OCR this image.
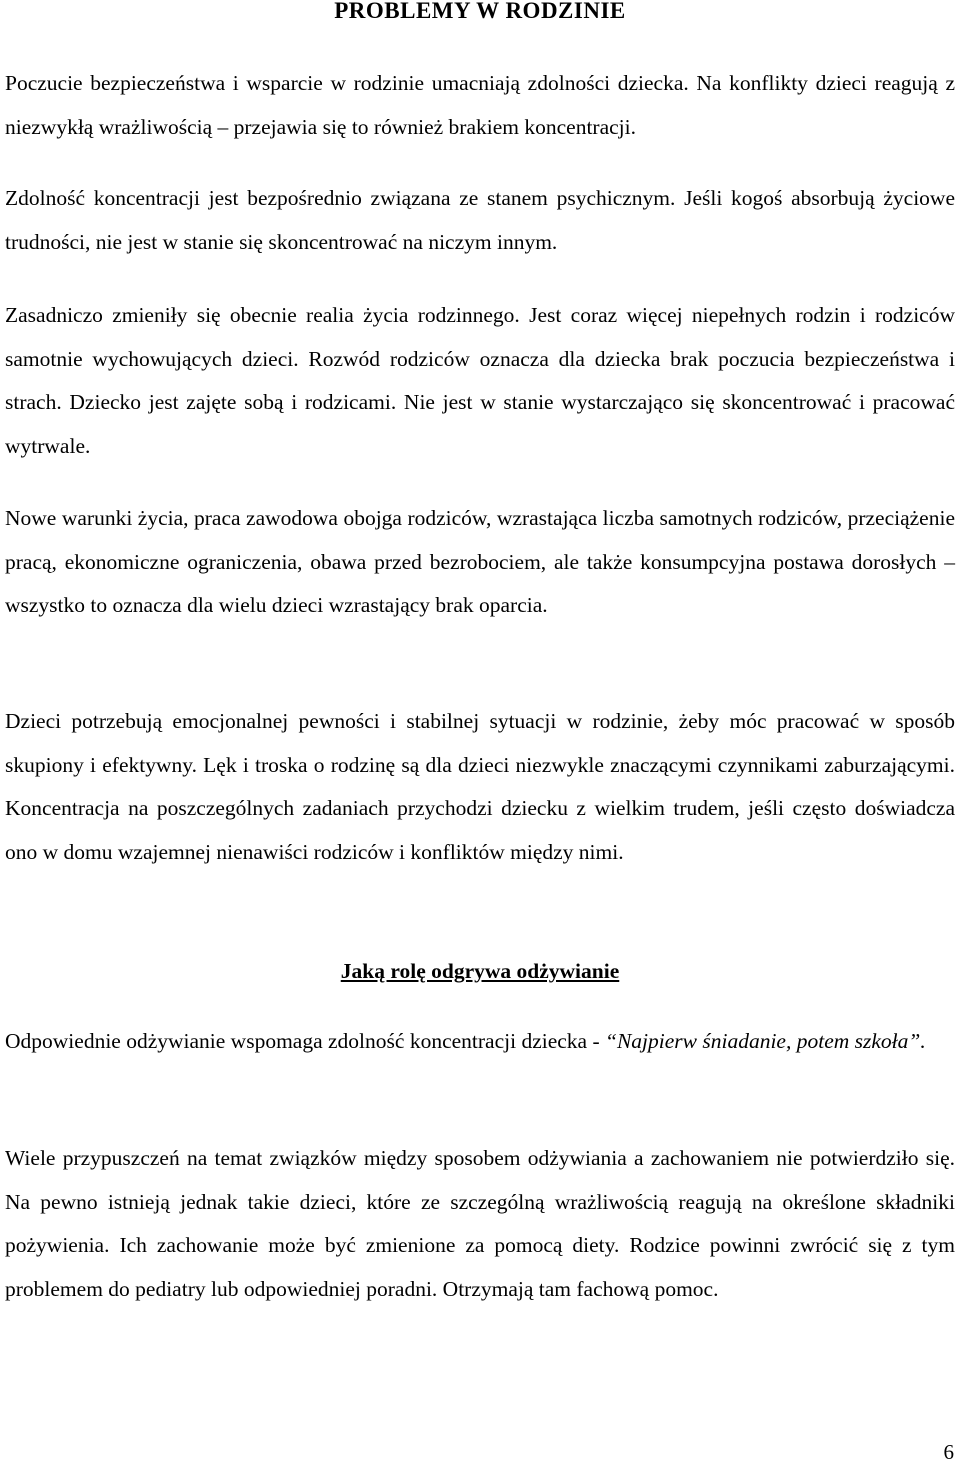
PROBLEMY W RODZINIE

Poczucie bezpieczeństwa i wsparcie w rodzinie umacniają zdolności dziecka. Na konflikty dzieci reagują z niezwykłą wrażliwością – przejawia się to również brakiem koncentracji.

Zdolność koncentracji jest bezpośrednio związana ze stanem psychicznym. Jeśli kogoś absorbują życiowe trudności, nie jest w stanie się skoncentrować na niczym innym.

Zasadniczo zmieniły się obecnie realia życia rodzinnego. Jest coraz więcej niepełnych rodzin i rodziców samotnie wychowujących dzieci. Rozwód rodziców oznacza dla dziecka brak poczucia bezpieczeństwa i strach. Dziecko jest zajęte sobą i rodzicami. Nie jest w stanie wystarczająco się skoncentrować i pracować wytrwale.

Nowe warunki życia, praca zawodowa obojga rodziców, wzrastająca liczba samotnych rodziców, przeciążenie pracą, ekonomiczne ograniczenia, obawa przed bezrobociem, ale także konsumpcyjna postawa dorosłych – wszystko to oznacza dla wielu dzieci wzrastający brak oparcia.

Dzieci potrzebują emocjonalnej pewności i stabilnej sytuacji w rodzinie, żeby móc pracować w sposób skupiony i efektywny. Lęk i troska o rodzinę są dla dzieci niezwykle znaczącymi czynnikami zaburzającymi. Koncentracja na poszczególnych zadaniach przychodzi dziecku z wielkim trudem, jeśli często doświadcza ono w domu wzajemnej nienawiści rodziców i konfliktów między nimi.

Jaką rolę odgrywa odżywianie

Odpowiednie odżywianie wspomaga zdolność koncentracji dziecka - “Najpierw śniadanie, potem szkoła”.

Wiele przypuszczeń na temat związków między sposobem odżywiania a zachowaniem nie potwierdziło się. Na pewno istnieją jednak takie dzieci, które ze szczególną wrażliwością reagują na określone składniki pożywienia. Ich zachowanie może być zmienione za pomocą diety. Rodzice powinni zwrócić się z tym problemem do pediatry lub odpowiedniej poradni. Otrzymają tam fachową pomoc.

6
